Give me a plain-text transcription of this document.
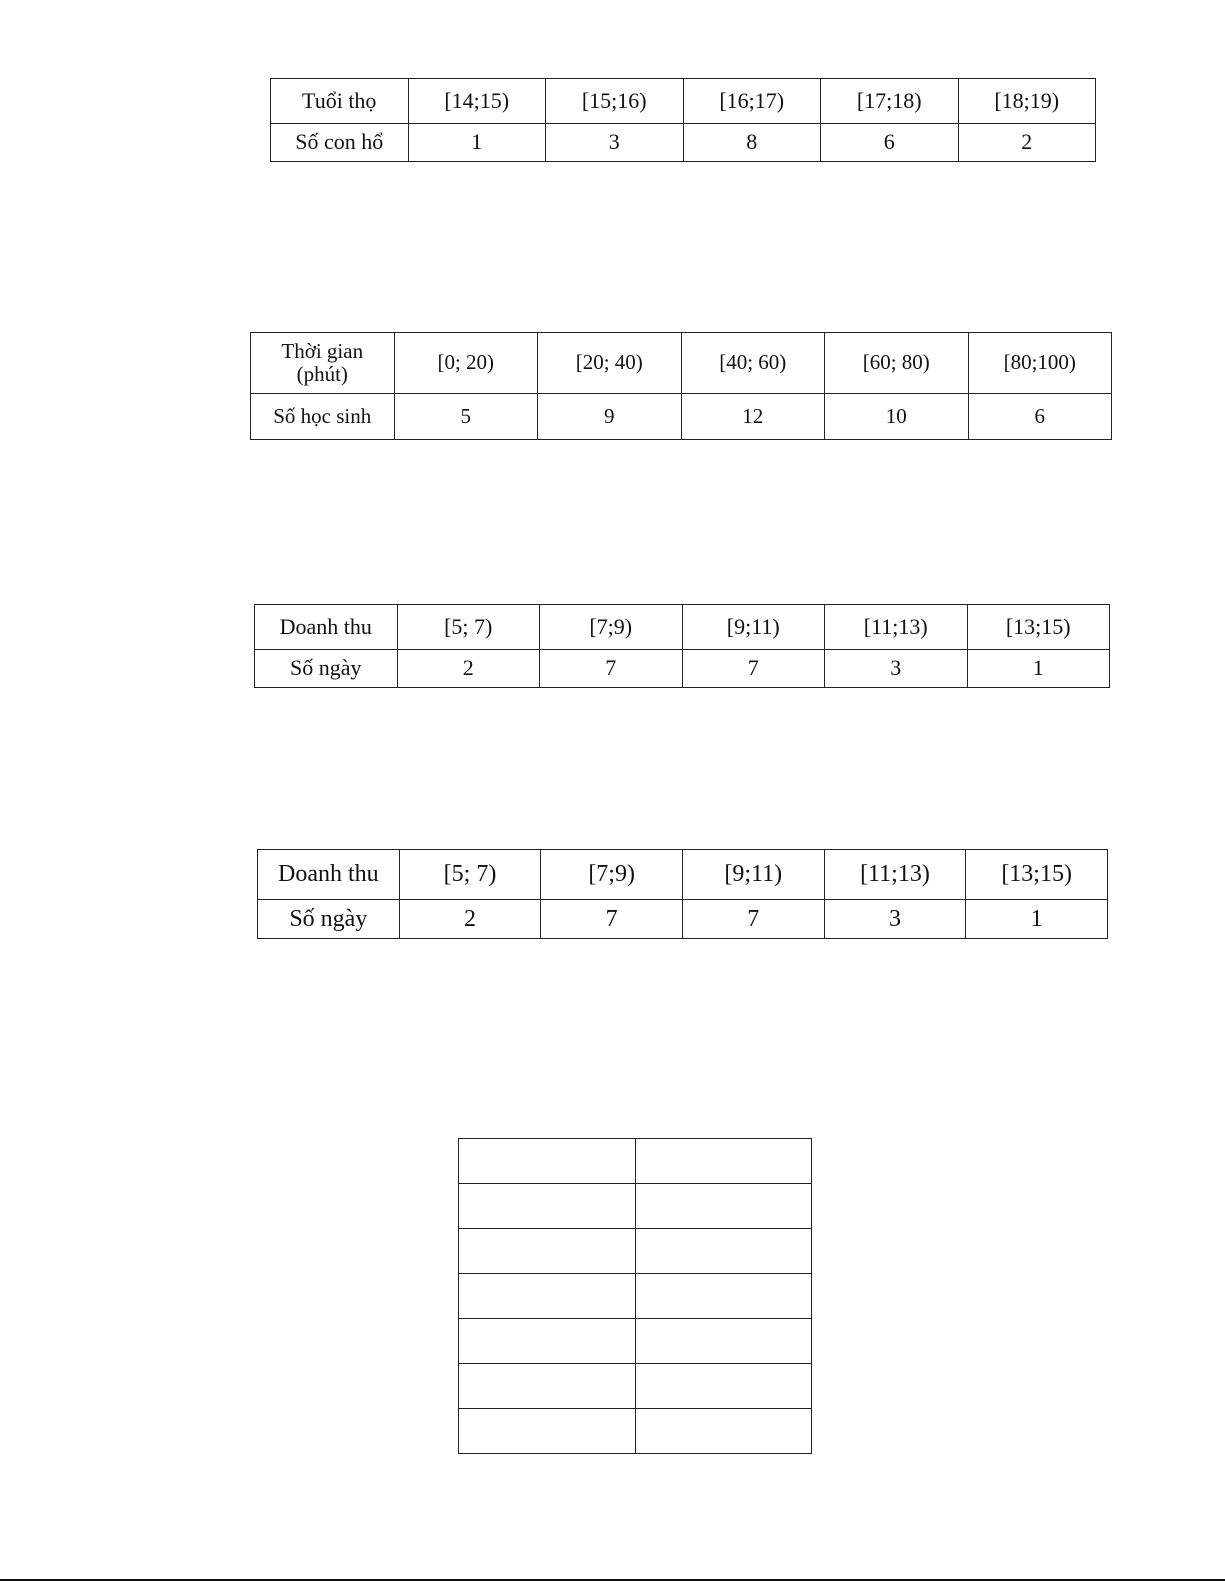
Tuổi thọ	[14;15)	[15;16)	[16;17)	[17;18)	[18;19)
Số con hổ	1	3	8	6	2
Thời gian (phút)	[0; 20)	[20; 40)	[40; 60)	[60; 80)	[80;100)
Số học sinh	5	9	12	10	6
Doanh thu	[5; 7)	[7;9)	[9;11)	[11;13)	[13;15)
Số ngày	2	7	7	3	1
Doanh thu	[5; 7)	[7;9)	[9;11)	[11;13)	[13;15)
Số ngày	2	7	7	3	1
